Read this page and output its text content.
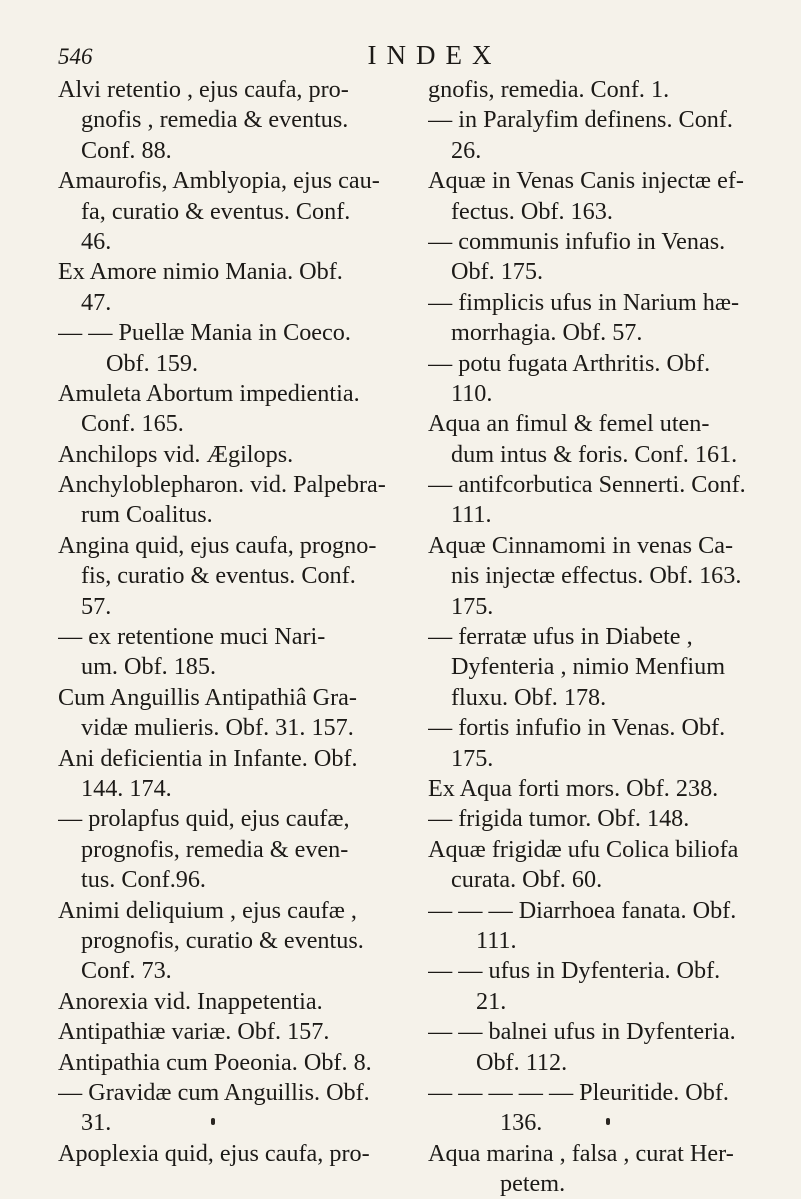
546	INDEX
Alvi retentio , ejus caufa, pro-
gnofis , remedia & eventus.
Conf. 88.
Amaurofis, Amblyopia, ejus cau-
fa, curatio & eventus. Conf.
46.
Ex Amore nimio Mania. Obf.
47.
— — Puellæ Mania in Coeco.
Obf. 159.
Amuleta Abortum impedientia.
Conf. 165.
Anchilops vid. Ægilops.
Anchyloblepharon. vid. Palpebra-
rum Coalitus.
Angina quid, ejus caufa, progno-
fis, curatio & eventus. Conf.
57.
— ex retentione muci Nari-
um. Obf. 185.
Cum Anguillis Antipathiâ Gra-
vidæ mulieris. Obf. 31. 157.
Ani deficientia in Infante. Obf.
144. 174.
— prolapfus quid, ejus caufæ,
prognofis, remedia & even-
tus. Conf.96.
Animi deliquium , ejus caufæ ,
prognofis, curatio & eventus.
Conf. 73.
Anorexia vid. Inappetentia.
Antipathiæ variæ. Obf. 157.
Antipathia cum Poeonia. Obf. 8.
— Gravidæ cum Anguillis. Obf.
31.
Apoplexia quid, ejus caufa, pro-
gnofis, remedia. Conf. 1.
— in Paralyfim definens. Conf.
26.
Aquæ in Venas Canis injectæ ef-
fectus. Obf. 163.
— communis infufio in Venas.
Obf. 175.
— fimplicis ufus in Narium hæ-
morrhagia. Obf. 57.
— potu fugata Arthritis. Obf.
110.
Aqua an fimul & femel uten-
dum intus & foris. Conf. 161.
— antifcorbutica Sennerti. Conf.
111.
Aquæ Cinnamomi in venas Ca-
nis injectæ effectus. Obf. 163.
175.
— ferratæ ufus in Diabete ,
Dyfenteria , nimio Menfium
fluxu. Obf. 178.
— fortis infufio in Venas. Obf.
175.
Ex Aqua forti mors. Obf. 238.
— frigida tumor. Obf. 148.
Aquæ frigidæ ufu Colica biliofa
curata. Obf. 60.
— — — Diarrhoea fanata. Obf.
111.
— — ufus in Dyfenteria. Obf.
21.
— — balnei ufus in Dyfenteria.
Obf. 112.
— — — — — Pleuritide. Obf.
136.
Aqua marina , falsa , curat Her-
petem.
